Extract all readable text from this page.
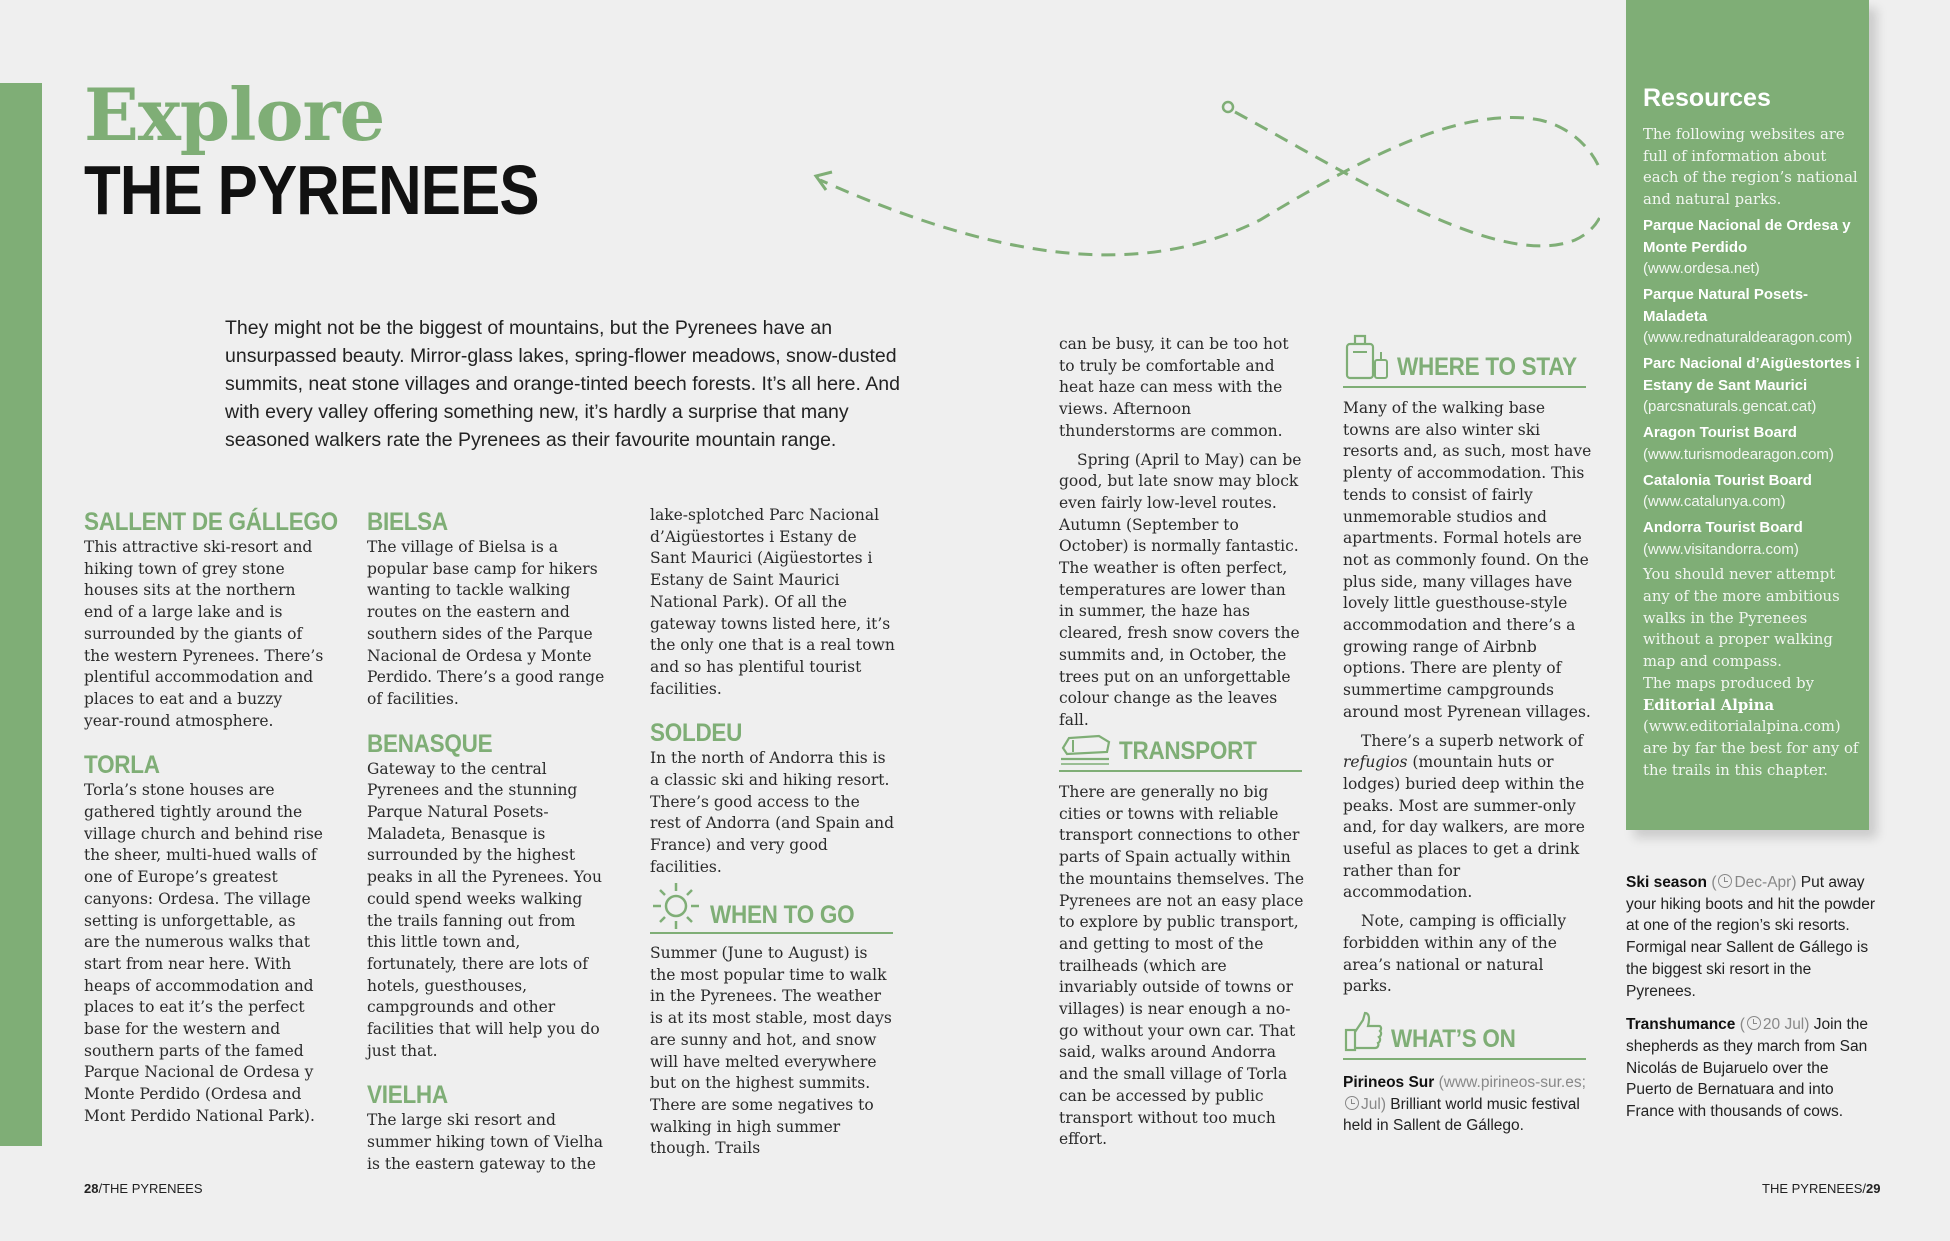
Explore
THE PYRENEES
They might not be the biggest of mountains, but the Pyrenees have an unsurpassed beauty. Mirror-glass lakes, spring-flower meadows, snow-dusted summits, neat stone villages and orange-tinted beech forests. It’s all here. And with every valley offering something new, it’s hardly a surprise that many seasoned walkers rate the Pyrenees as their favourite mountain range.
SALLENT DE GÁLLEGO

This attractive ski-resort and hiking town of grey stone houses sits at the northern end of a large lake and is surrounded by the giants of the western Pyrenees. There’s plentiful accommodation and places to eat and a buzzy year-round atmosphere.

TORLA

Torla’s stone houses are gathered tightly around the village church and behind rise the sheer, multi-hued walls of one of Europe’s greatest canyons: Ordesa. The village setting is unforgettable, as are the numerous walks that start from near here. With heaps of accommodation and places to eat it’s the perfect base for the western and southern parts of the famed Parque Nacional de Ordesa y Monte Perdido (Ordesa and Mont Perdido National Park).

BIELSA

The village of Bielsa is a popular base camp for hikers wanting to tackle walking routes on the eastern and southern sides of the Parque Nacional de Ordesa y Monte Perdido. There’s a good range of facilities.

BENASQUE

Gateway to the central Pyrenees and the stunning Parque Natural Posets-Maladeta, Benasque is surrounded by the highest peaks in all the Pyrenees. You could spend weeks walking the trails fanning out from this little town and, fortunately, there are lots of hotels, guesthouses, campgrounds and other facilities that will help you do just that.

VIELHA

The large ski resort and summer hiking town of Vielha is the eastern gateway to the

lake-splotched Parc Nacional d’Aigüestortes i Estany de Sant Maurici (Aigüestortes i Estany de Saint Maurici National Park). Of all the gateway towns listed here, it’s the only one that is a real town and so has plentiful tourist facilities.

SOLDEU

In the north of Andorra this is a classic ski and hiking resort. There’s good access to the rest of Andorra (and Spain and France) and very good facilities.

WHEN TO GO

Summer (June to August) is the most popular time to walk in the Pyrenees. The weather is at its most stable, most days are sunny and hot, and snow will have melted everywhere but on the highest summits. There are some negatives to walking in high summer though. Trails

can be busy, it can be too hot to truly be comfortable and heat haze can mess with the views. Afternoon thunderstorms are common.

Spring (April to May) can be good, but late snow may block even fairly low-level routes. Autumn (September to October) is normally fantastic. The weather is often perfect, temperatures are lower than in summer, the haze has cleared, fresh snow covers the summits and, in October, the trees put on an unforgettable colour change as the leaves fall.

TRANSPORT

There are generally no big cities or towns with reliable transport connections to other parts of Spain actually within the mountains themselves. The Pyrenees are not an easy place to explore by public transport, and getting to most of the trailheads (which are invariably outside of towns or villages) is near enough a no-go without your own car. That said, walks around Andorra and the small village of Torla can be accessed by public transport without too much effort.

WHERE TO STAY

Many of the walking base towns are also winter ski resorts and, as such, most have plenty of accommodation. This tends to consist of fairly unmemorable studios and apartments. Formal hotels are not as commonly found. On the plus side, many villages have lovely little guesthouse-style accommodation and there’s a growing range of Airbnb options. There are plenty of summertime campgrounds around most Pyrenean villages.

There’s a superb network of refugios (mountain huts or lodges) buried deep within the peaks. Most are summer-only and, for day walkers, are more useful as places to get a drink rather than for accommodation.

Note, camping is officially forbidden within any of the area’s national or natural parks.

WHAT’S ON

Pirineos Sur (www.pirineos-sur.es;
Jul) Brilliant world music festival held in Sallent de Gállego.

Resources

The following websites are full of information about each of the region’s national and natural parks.

Parque Nacional de Ordesa y Monte Perdido (www.ordesa.net)

Parque Natural Posets-Maladeta (www.rednaturaldearagon.com)

Parc Nacional d’Aigüestortes i Estany de Sant Maurici (parcsnaturals.gencat.cat)

Aragon Tourist Board (www.turismodearagon.com)

Catalonia Tourist Board (www.catalunya.com)

Andorra Tourist Board (www.visitandorra.com)

You should never attempt any of the more ambitious walks in the Pyrenees without a proper walking map and compass.

The maps produced by Editorial Alpina (www.editorialalpina.com) are by far the best for any of the trails in this chapter.

Ski season ( Dec-Apr) Put away your hiking boots and hit the powder at one of the region’s ski resorts. Formigal near Sallent de Gállego is the biggest ski resort in the Pyrenees.

Transhumance ( 20 Jul) Join the shepherds as they march from San Nicolás de Bujaruelo over the Puerto de Bernatuara and into France with thousands of cows.

28/THE PYRENEES	THE PYRENEES/29
